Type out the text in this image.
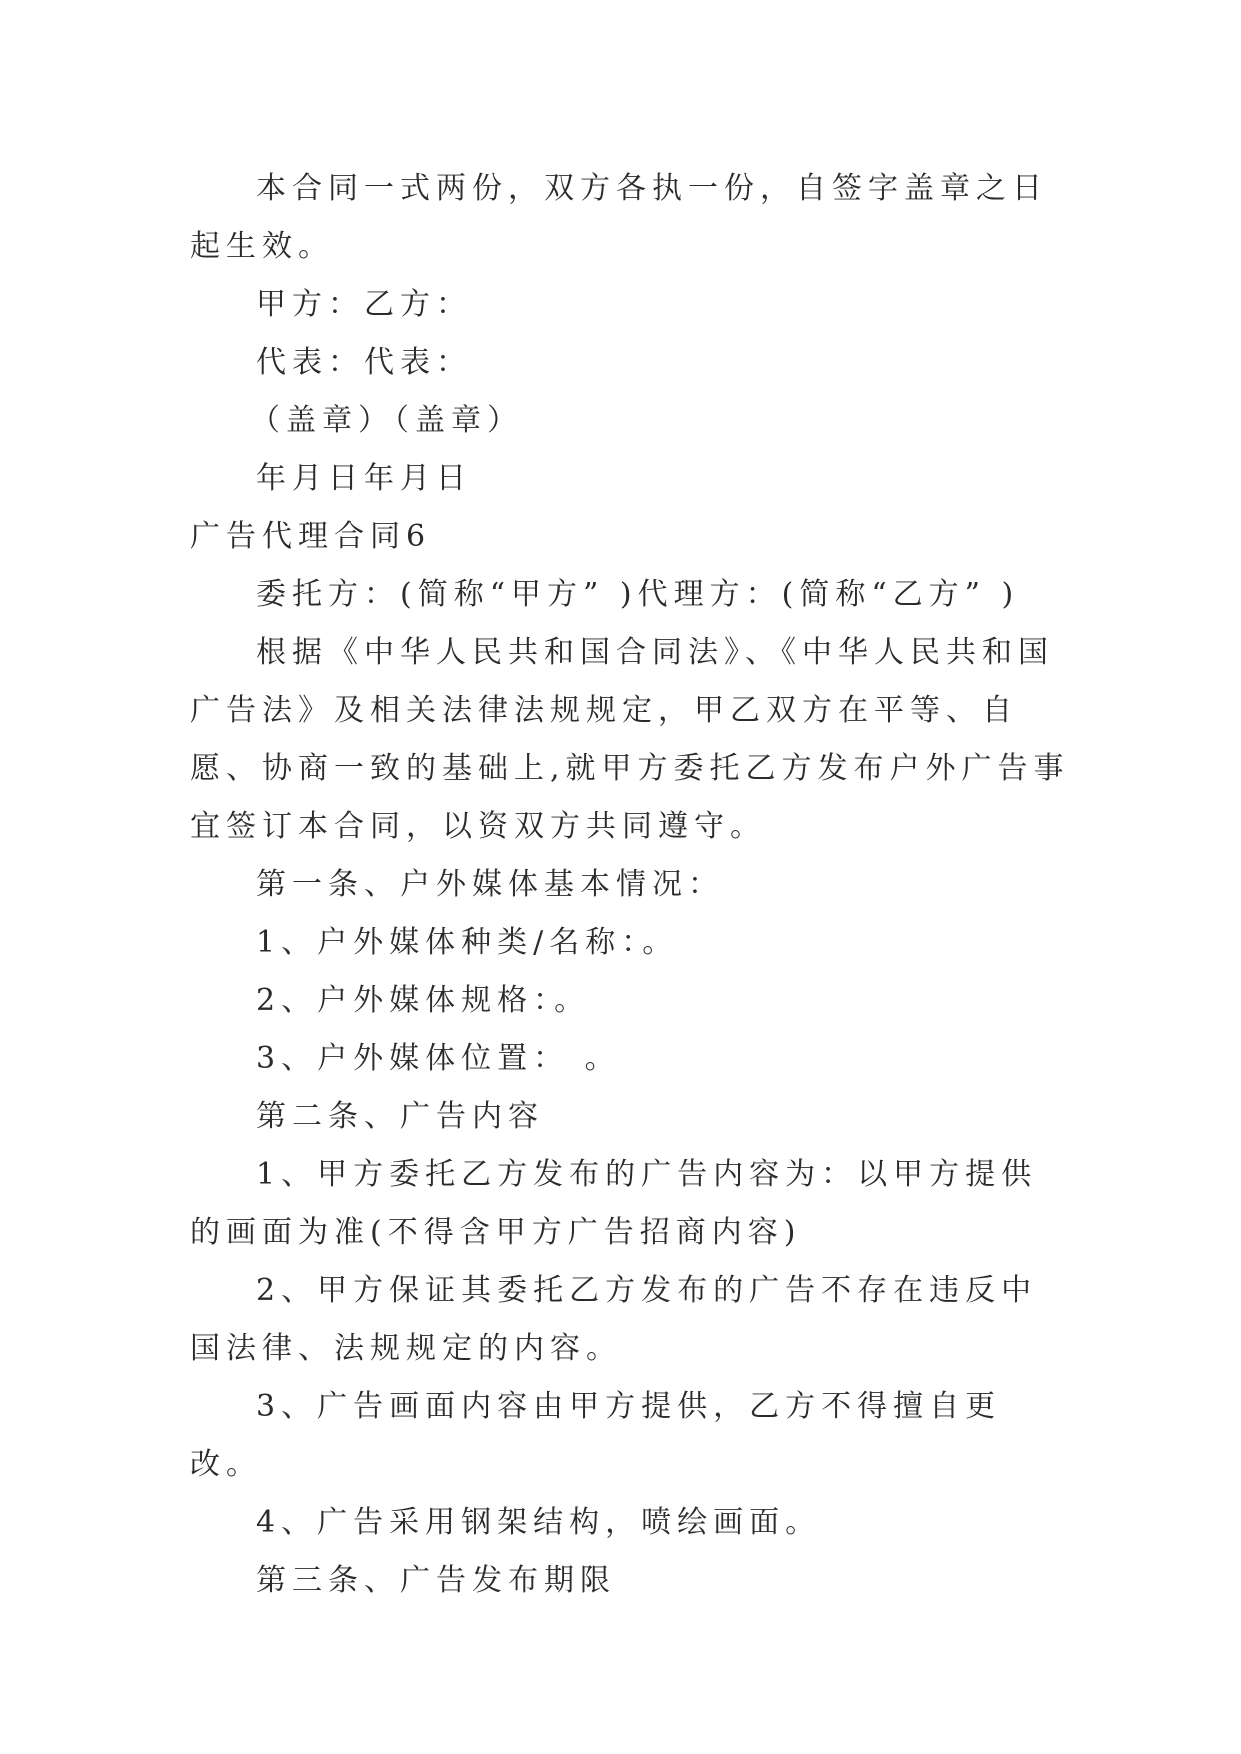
本合同一式两份，双方各执一份，自签字盖章之日起生效。

甲方：乙方：

代表：代表：

（盖章）（盖章）

年月日年月日

广告代理合同6

委托方：(简称“甲方” )代理方：(简称“乙方” )

根据《中华人民共和国合同法》、《中华人民共和国广告法》及相关法律法规规定，甲乙双方在平等、自愿、协商一致的基础上,就甲方委托乙方发布户外广告事宜签订本合同，以资双方共同遵守。

第一条、户外媒体基本情况：

1、户外媒体种类/名称：。

2、户外媒体规格：。

3、户外媒体位置： 。

第二条、广告内容

1、甲方委托乙方发布的广告内容为：以甲方提供的画面为准(不得含甲方广告招商内容)

2、甲方保证其委托乙方发布的广告不存在违反中国法律、法规规定的内容。

3、广告画面内容由甲方提供，乙方不得擅自更改。

4、广告采用钢架结构，喷绘画面。

第三条、广告发布期限
